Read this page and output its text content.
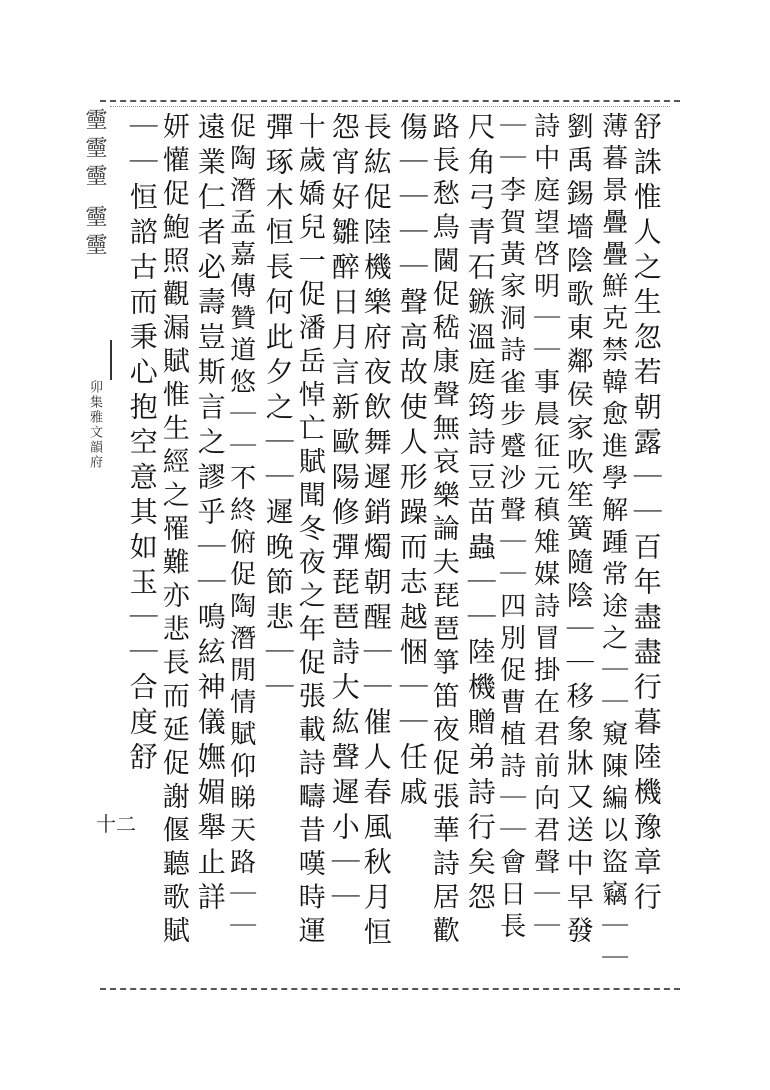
𤫊𤫊𤫊 𤫊𤫊
卯集雅文韻府
十二	舒誅惟人之生忽若朝露｜｜百年盡盡行暮陸機豫章行
薄暮景疊疊鮮克禁韓愈進學解踵常途之｜｜窺陳編以盜竊｜｜
劉禹錫墻陰歌東鄰侯家吹笙簧隨陰｜｜移象牀又送中早發
詩中庭望啓明｜｜事晨征元稹雉媒詩冒掛在君前向君聲｜｜
｜｜李賀黃家洞詩雀步蹙沙聲｜｜四別促曹植詩｜｜會日長
尺角弓青石鏃溫庭筠詩豆苗蟲｜｜陸機贈弟詩行矣怨
路長愁鳥閫促嵇康聲無哀樂論夫琵琶箏笛夜促張華詩居歡
傷｜｜｜｜聲高故使人形躁而志越悃｜｜任戚
長紘促陸機樂府夜飲舞遲銷燭朝醒｜｜催人春風秋月恒
怨宵好雛醉日月言新歐陽修彈琵琶詩大紘聲遲小｜｜
十歲嬌兒一促潘岳悼亡賦聞冬夜之年促張載詩疇昔嘆時運
彈琢木恒長何此夕之｜｜遲晚節悲｜｜
促陶潛孟嘉傳贊道悠｜｜不終俯促陶潛閒情賦仰睇天路｜｜
遠業仁者必壽豈斯言之謬乎｜｜鳴絃神儀嫵媚舉止詳
妍懽促鮑照觀漏賦惟生經之罹難亦悲長而延促謝偃聽歌賦
｜｜恒諮古而秉心抱空意其如玉｜｜合度舒
